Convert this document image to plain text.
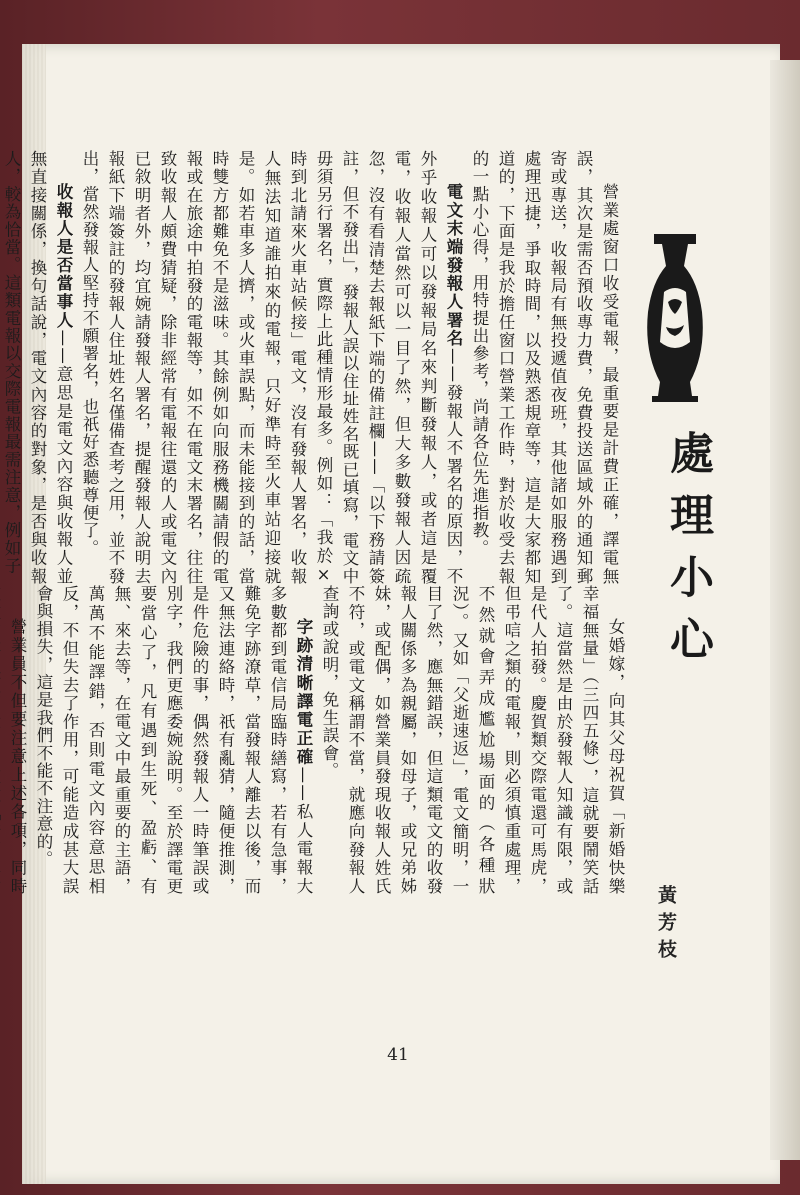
處理小心
黃芳枝

營業處窗口收受電報，最重要是計費正確，譯電無誤，其次是需否預收專力費，免費投送區域外的通知郵寄或專送，收報局有無投遞值夜班，其他諸如服務遇到處理迅捷，爭取時間，以及熟悉規章等，這是大家都知道的，下面是我於擔任窗口營業工作時，對於收受去報的一點小心得，用特提出參考，尚請各位先進指教。

電文末端發報人署名——發報人不署名的原因，不外乎收報人可以發報局名來判斷發報人，或者這是覆電，收報人當然可以一目了然，但大多數發報人因疏忽，沒有看清楚去報紙下端的備註欄——「以下務請簽註，但不發出」，發報人誤以住址姓名既已填寫，電文中毋須另行署名，實際上此種情形最多。例如：「我於×時到北請來火車站候接」電文，沒有發報人署名，收報人無法知道誰拍來的電報，只好準時至火車站迎接就是。如若車多人擠，或火車誤點，而未能接到的話，當時雙方都難免不是滋味。其餘例如向服務機關請假的電報或在旅途中拍發的電報等，如不在電文末署名，往往致收報人頗費猜疑，除非經常有電報往還的人或電文內已敘明者外，均宜婉請發報人署名，提醒發報人說明去報紙下端簽註的發報人住址姓名僅備查考之用，並不發出，當然發報人堅持不願署名，也祇好悉聽尊便了。

收報人是否當事人——意思是電文內容與收報人並無直接關係，換句話說，電文內容的對象，是否與收報人，較為恰當。這類電報以交際電報最需注意，例如子

女婚嫁，向其父母祝賀「新婚快樂幸福無量」（三四五條），這就要鬧笑話了。這當然是由於發報人知識有限，或是代人拍發。慶賀類交際電還可馬虎，但弔唁之類的電報，則必須慎重處理，不然就會弄成尷尬場面的（各種狀況）。又如「父逝速返」，電文簡明，一目了然，應無錯誤，但這類電文的收發報人關係多為親屬，如母子，或兄弟姊妹，或配偶，如營業員發現收報人姓氏不符，或電文稱謂不當，就應向發報人查詢或說明，免生誤會。

字跡清晰譯電正確——私人電報大多數都到電信局臨時繕寫，若有急事，難免字跡潦草，當發報人離去以後，而又無法連絡時，祇有亂猜，隨便推測，是件危險的事，偶然發報人一時筆誤或別字，我們更應委婉說明。至於譯電更要當心了，凡有遇到生死、盈虧、有無、來去等，在電文中最重要的主語，萬萬不能譯錯，否則電文內容意思相反，不但失去了作用，可能造成甚大誤會與損失，這是我們不能不注意的。

營業員不但要注意上述各項，同時

41
